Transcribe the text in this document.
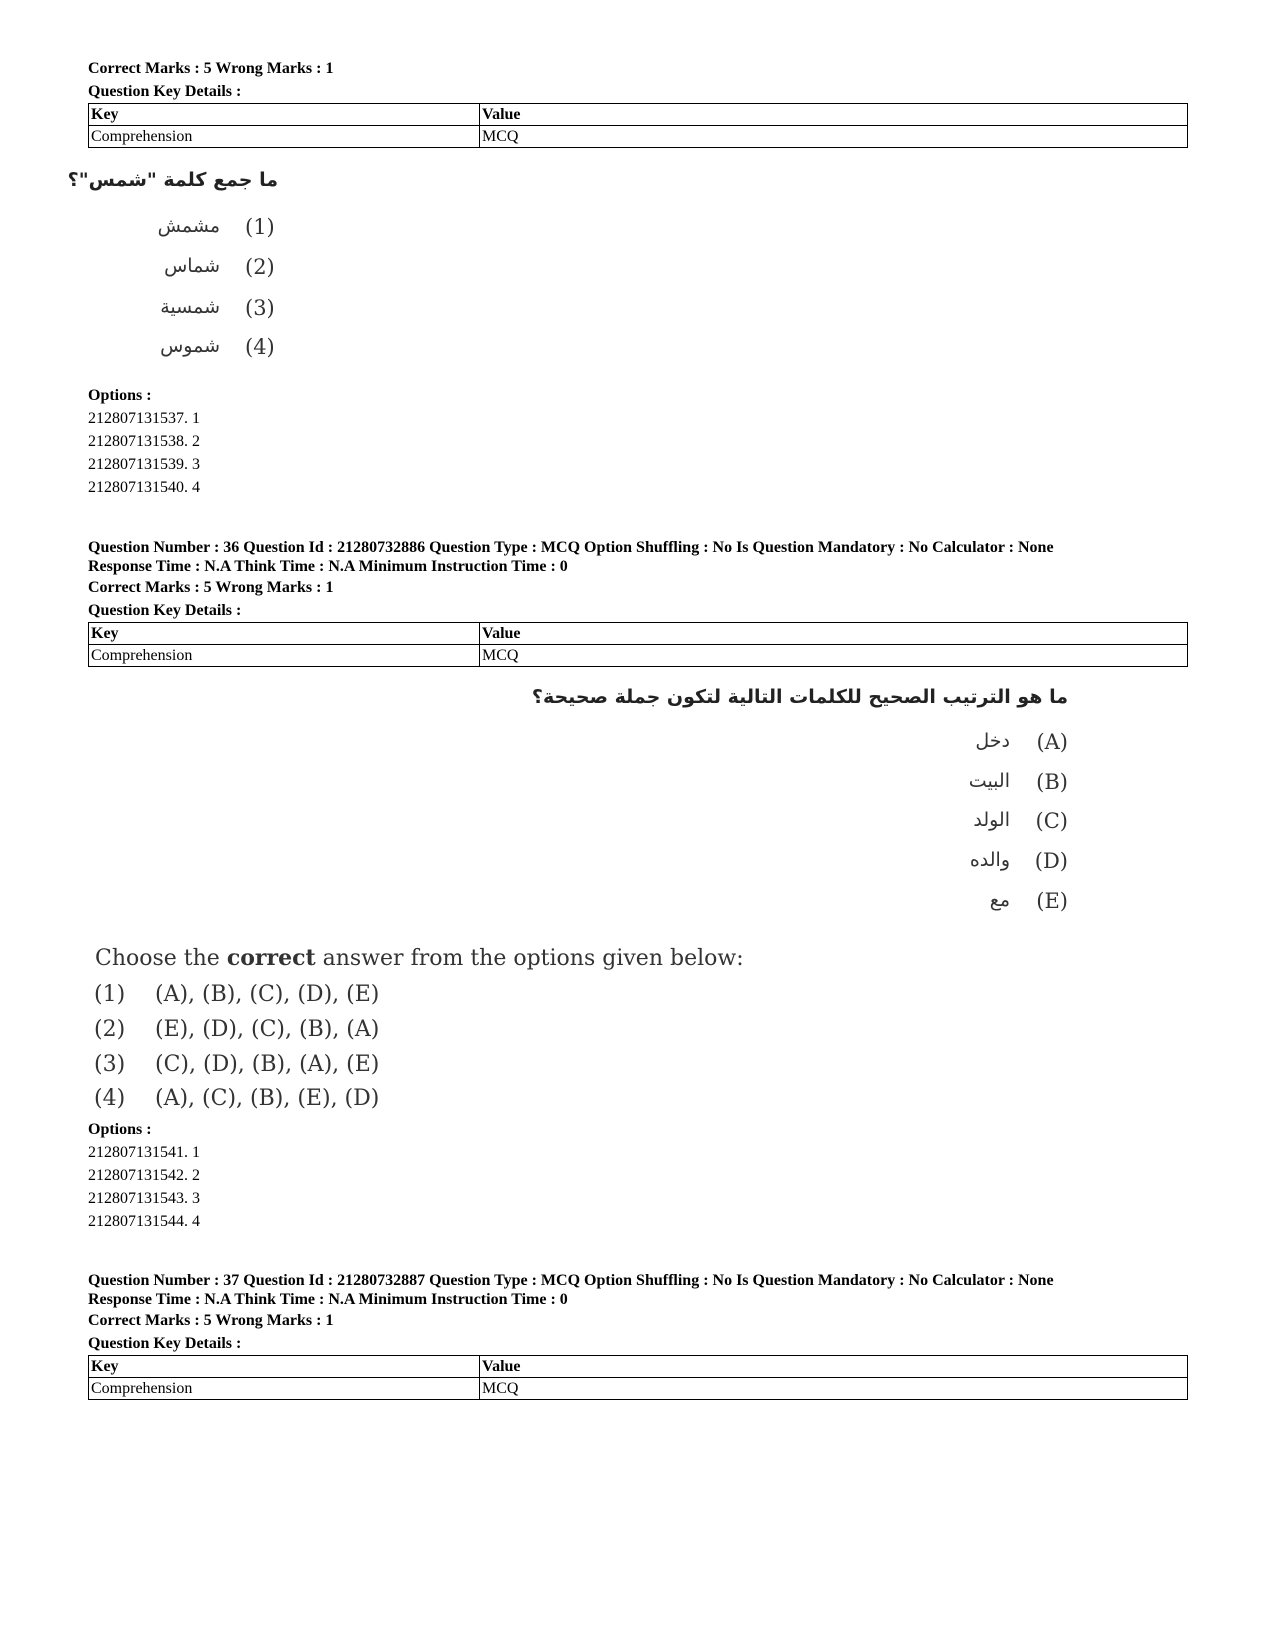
Correct Marks : 5 Wrong Marks : 1
Question Key Details :
Key	Value
Comprehension	MCQ
ما جمع كلمة "شمس"؟
مشمش (1)
شماس (2)
شمسية (3)
شموس (4)
Options :
212807131537. 1
212807131538. 2
212807131539. 3
212807131540. 4
Question Number : 36 Question Id : 21280732886 Question Type : MCQ Option Shuffling : No Is Question Mandatory : No Calculator : None
Response Time : N.A Think Time : N.A Minimum Instruction Time : 0
Correct Marks : 5 Wrong Marks : 1
Question Key Details :
Key	Value
Comprehension	MCQ
ما هو الترتيب الصحيح للكلمات التالية لتكون جملة صحيحة؟
(A)
دخل
(B)
البيت
(C)
الولد
(D)
والده
(E)
مع
Choose the correct answer from the options given below:
(1) (A), (B), (C), (D), (E)
(2) (E), (D), (C), (B), (A)
(3) (C), (D), (B), (A), (E)
(4) (A), (C), (B), (E), (D)
Options :
212807131541. 1
212807131542. 2
212807131543. 3
212807131544. 4
Question Number : 37 Question Id : 21280732887 Question Type : MCQ Option Shuffling : No Is Question Mandatory : No Calculator : None
Response Time : N.A Think Time : N.A Minimum Instruction Time : 0
Correct Marks : 5 Wrong Marks : 1
Question Key Details :
Key	Value
Comprehension	MCQ
